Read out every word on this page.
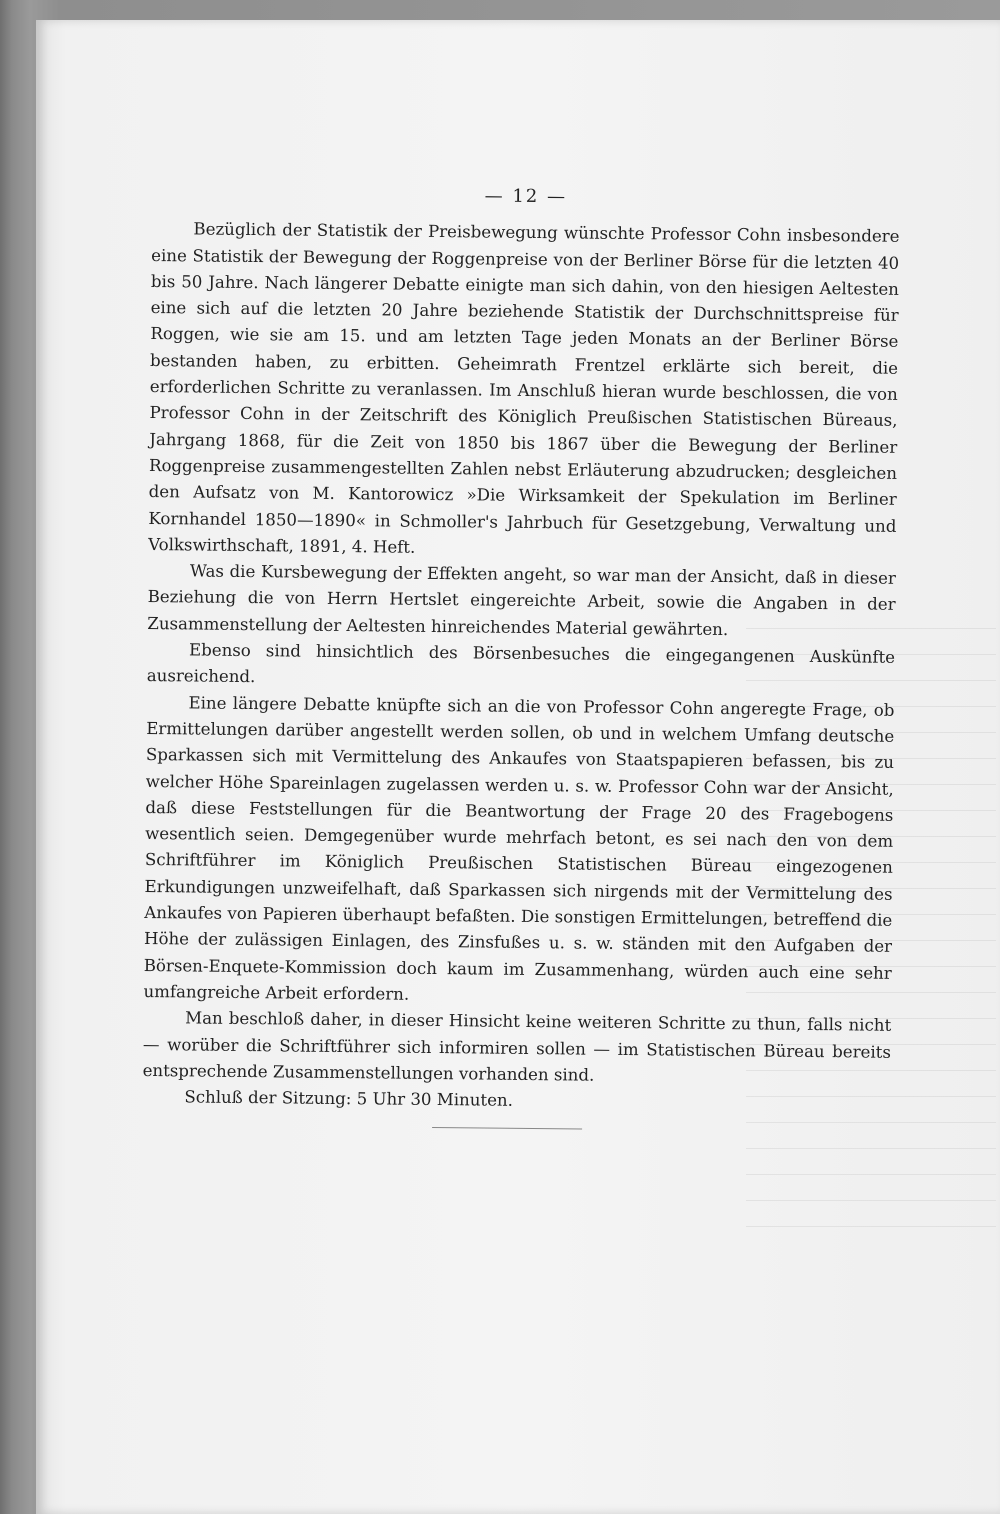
— 12 —

Bezüglich der Statistik der Preisbewegung wünschte Professor Cohn insbesondere eine Statistik der Bewegung der Roggenpreise von der Berliner Börse für die letzten 40 bis 50 Jahre. Nach längerer Debatte einigte man sich dahin, von den hiesigen Aeltesten eine sich auf die letzten 20 Jahre beziehende Statistik der Durchschnittspreise für Roggen, wie sie am 15. und am letzten Tage jeden Monats an der Berliner Börse bestanden haben, zu erbitten. Geheimrath Frentzel erklärte sich bereit, die erforderlichen Schritte zu veranlassen. Im Anschluß hieran wurde beschlossen, die von Professor Cohn in der Zeitschrift des Königlich Preußischen Statistischen Büreaus, Jahrgang 1868, für die Zeit von 1850 bis 1867 über die Bewegung der Berliner Roggenpreise zusammengestellten Zahlen nebst Erläuterung abzudrucken; desgleichen den Aufsatz von M. Kantorowicz »Die Wirksamkeit der Spekulation im Berliner Kornhandel 1850—1890« in Schmoller's Jahrbuch für Gesetzgebung, Verwaltung und Volkswirthschaft, 1891, 4. Heft.

Was die Kursbewegung der Effekten angeht, so war man der Ansicht, daß in dieser Beziehung die von Herrn Hertslet eingereichte Arbeit, sowie die Angaben in der Zusammenstellung der Aeltesten hinreichendes Material gewährten.

Ebenso sind hinsichtlich des Börsenbesuches die eingegangenen Auskünfte ausreichend.

Eine längere Debatte knüpfte sich an die von Professor Cohn angeregte Frage, ob Ermittelungen darüber angestellt werden sollen, ob und in welchem Umfang deutsche Sparkassen sich mit Vermittelung des Ankaufes von Staatspapieren befassen, bis zu welcher Höhe Spareinlagen zugelassen werden u. s. w. Professor Cohn war der Ansicht, daß diese Feststellungen für die Beantwortung der Frage 20 des Fragebogens wesentlich seien. Demgegenüber wurde mehrfach betont, es sei nach den von dem Schriftführer im Königlich Preußischen Statistischen Büreau eingezogenen Erkundigungen unzweifelhaft, daß Sparkassen sich nirgends mit der Vermittelung des Ankaufes von Papieren überhaupt befaßten. Die sonstigen Ermittelungen, betreffend die Höhe der zulässigen Einlagen, des Zinsfußes u. s. w. ständen mit den Aufgaben der Börsen-Enquete-Kommission doch kaum im Zusammenhang, würden auch eine sehr umfangreiche Arbeit erfordern.

Man beschloß daher, in dieser Hinsicht keine weiteren Schritte zu thun, falls nicht — worüber die Schriftführer sich informiren sollen — im Statistischen Büreau bereits entsprechende Zusammenstellungen vorhanden sind.

Schluß der Sitzung: 5 Uhr 30 Minuten.
